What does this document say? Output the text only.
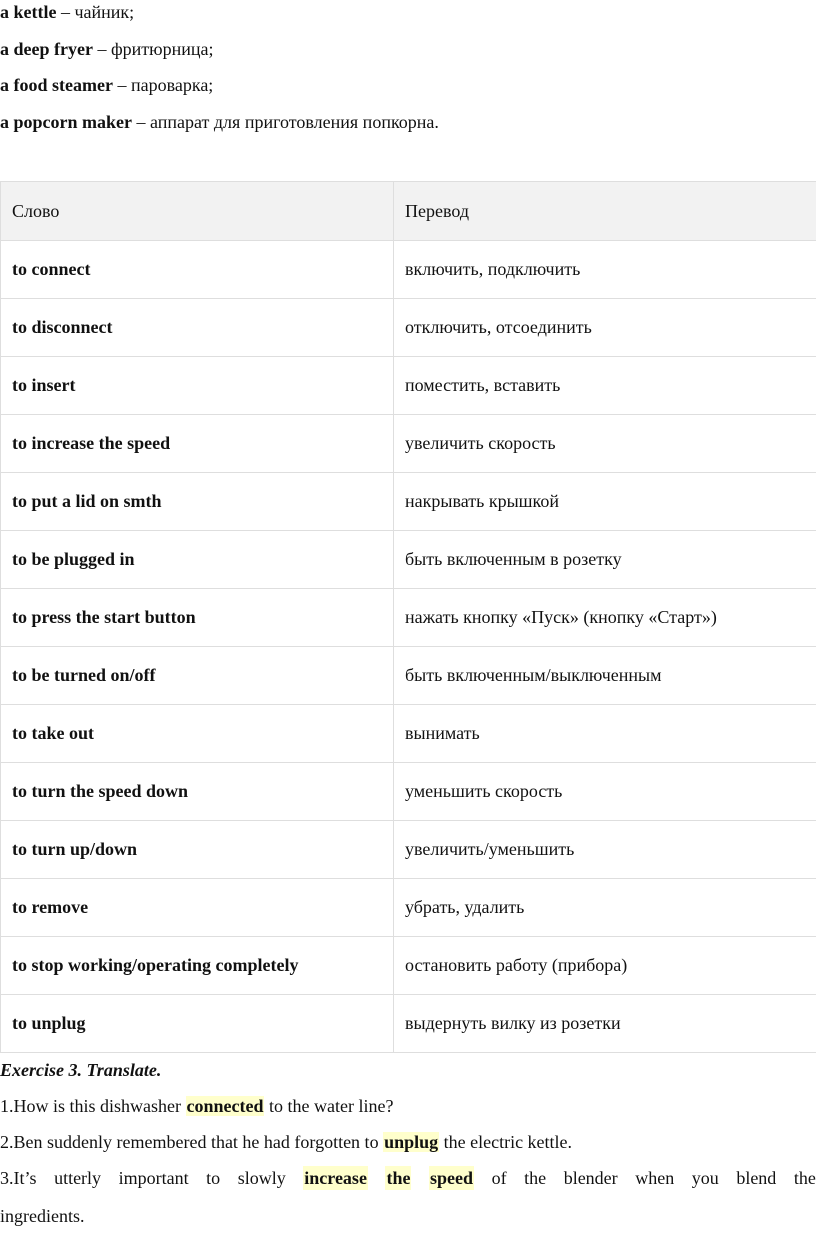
a kettle – чайник;
a deep fryer – фритюрница;
a food steamer – пароварка;
a popcorn maker – аппарат для приготовления попкорна.
Слово	Перевод
to connect	включить, подключить
to disconnect	отключить, отсоединить
to insert	поместить, вставить
to increase the speed	увеличить скорость
to put a lid on smth	накрывать крышкой
to be plugged in	быть включенным в розетку
to press the start button	нажать кнопку «Пуск» (кнопку «Старт»)
to be turned on/off	быть включенным/выключенным
to take out	вынимать
to turn the speed down	уменьшить скорость
to turn up/down	увеличить/уменьшить
to remove	убрать, удалить
to stop working/operating completely	остановить работу (прибора)
to unplug	выдернуть вилку из розетки
Exercise 3. Translate.
1.How is this dishwasher connected to the water line?
2.Ben suddenly remembered that he had forgotten to unplug the electric kettle.
3.It’s utterly important to slowly increase the speed of the blender when you blend the
ingredients.
